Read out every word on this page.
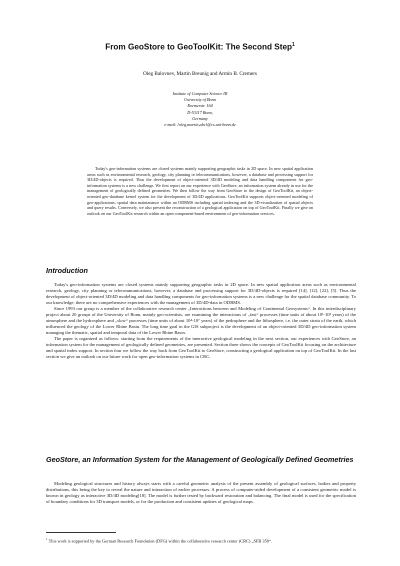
From GeoStore to GeoToolKit: The Second Step$^1$
Oleg Balovnev, Martin Breunig and Armin B. Cremers
Institute of Computer Science III
University of Bonn
Roemerstr. 164
D-53117 Bonn,
Germany
e-mail: {oleg,martin,abc}@cs.uni-bonn.de
Today's geo-information systems are closed systems mainly supporting geographic tasks in 2D space. In new spatial application areas such as environmental research, geology, city planning or telecommunications, however, a database and processing support for 3D/4D-objects is required. Thus the development of object-oriented 3D/4D modeling and data handling components for geo-information systems is a new challenge. We first report on our experience with GeoStore, an information system already in use for the management of geologically defined geometries. We then follow the way from GeoStore to the design of GeoToolKit, an object-oriented geo-database kernel system for the development of 3D/4D applications. GeoToolKit supports object-oriented modeling of geo-applications, spatial data maintenance within an ODBMS including spatial indexing and the 3D-visualization of spatial objects and query results. Conversely, we also present the reconstruction of a geological application on top of GeoToolKit. Finally we give an outlook on our GeoToolKit research within an open component-based environment of geo-information services.
Introduction

Today's geo-information systems are closed systems mainly supporting geographic tasks in 2D space. In new spatial application areas such as environmental research, geology, city planning or telecommunications, however, a database and processing support for 3D/4D-objects is required [14], [12], [22], [5]. Thus the development of object-oriented 3D/4D modeling and data handling components for geo-information systems is a new challenge for the spatial database community. To our knowledge, there are no comprehensive experiences with the management of 3D/4D-data in ODBMS.

Since 1993 our group is a member of the collaborative research center „Interactions between and Modeling of Continental Geosystems“. In this interdisciplinary project about 20 groups of the University of Bonn, mainly geo-scientists, are examining the interactions of „fast“ processes (time units of about 10¹-10³ years) of the atmosphere and the hydrosphere and „slow“ processes (time units of about 10⁴-10⁷ years) of the pedosphere and the lithosphere, i.e. the outer strata of the earth, which influenced the geology of the Lower Rhine Basin. The long time goal in the GIS subproject is the development of an object-oriented 3D/4D geo-information system managing the thematic, spatial and temporal data of the Lower Rhine Basin.

The paper is organized as follows: starting from the requirements of the interactive geological modeling in the next section, our experiences with GeoStore, an information system for the management of geologically defined geometries, are presented. Section three shows the concepts of GeoToolKit focusing on the architecture and spatial index support. In section four we follow the way back from GeoToolKit to GeoStore, constructing a geological application on top of GeoToolKit. In the last section we give an outlook on our future work for open geo-information systems in CRC.

GeoStore, an Information System for the Management of Geologically Defined Geometries

Modeling geological structures and history always starts with a careful geometric analysis of the present assembly of geological surfaces, bodies and property distributions, this being the key to reveal the nature and interaction of earlier processes. A process of computer-aided development of a consistent geometric model is known in geology as interactive 3D/4D modeling[18]. The model is further tested by backward restoration and balancing. The final model is used for the specification of boundary conditions for 3D transport models, or for the production and consistent updates of geological maps.

$^1$ This work is supported by the German Research Foundation (DFG) within the collaborative research center (CRC) „SFB 350“.
